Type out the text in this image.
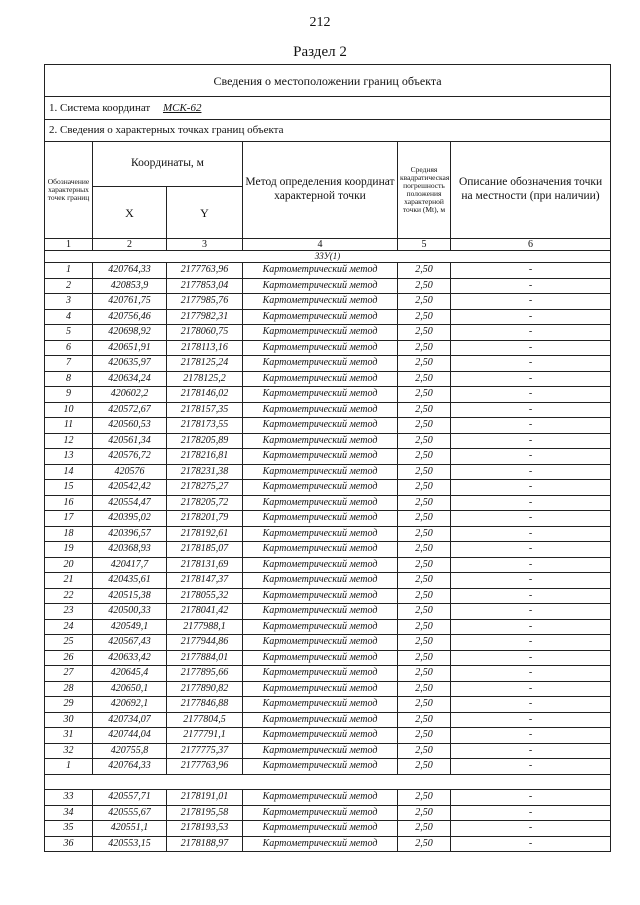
212
Раздел 2
Сведения о местоположении границ объекта					
1. Система координат МСК-62					
2. Сведения о характерных точках границ объекта					
Обозначение характерных точек границ	Координаты, м		Метод определения координат характерной точки	Средняя квадратическая погрешность положения характерной точки (Мt), м	Описание обозначения точки на местности (при наличии)
	X	Y			
1	2	3	4	5	6
З3У(1)					
1	420764,33	2177763,96	Картометрический метод	2,50	-
2	420853,9	2177853,04	Картометрический метод	2,50	-
3	420761,75	2177985,76	Картометрический метод	2,50	-
4	420756,46	2177982,31	Картометрический метод	2,50	-
5	420698,92	2178060,75	Картометрический метод	2,50	-
6	420651,91	2178113,16	Картометрический метод	2,50	-
7	420635,97	2178125,24	Картометрический метод	2,50	-
8	420634,24	2178125,2	Картометрический метод	2,50	-
9	420602,2	2178146,02	Картометрический метод	2,50	-
10	420572,67	2178157,35	Картометрический метод	2,50	-
11	420560,53	2178173,55	Картометрический метод	2,50	-
12	420561,34	2178205,89	Картометрический метод	2,50	-
13	420576,72	2178216,81	Картометрический метод	2,50	-
14	420576	2178231,38	Картометрический метод	2,50	-
15	420542,42	2178275,27	Картометрический метод	2,50	-
16	420554,47	2178205,72	Картометрический метод	2,50	-
17	420395,02	2178201,79	Картометрический метод	2,50	-
18	420396,57	2178192,61	Картометрический метод	2,50	-
19	420368,93	2178185,07	Картометрический метод	2,50	-
20	420417,7	2178131,69	Картометрический метод	2,50	-
21	420435,61	2178147,37	Картометрический метод	2,50	-
22	420515,38	2178055,32	Картометрический метод	2,50	-
23	420500,33	2178041,42	Картометрический метод	2,50	-
24	420549,1	2177988,1	Картометрический метод	2,50	-
25	420567,43	2177944,86	Картометрический метод	2,50	-
26	420633,42	2177884,01	Картометрический метод	2,50	-
27	420645,4	2177895,66	Картометрический метод	2,50	-
28	420650,1	2177890,82	Картометрический метод	2,50	-
29	420692,1	2177846,88	Картометрический метод	2,50	-
30	420734,07	2177804,5	Картометрический метод	2,50	-
31	420744,04	2177791,1	Картометрический метод	2,50	-
32	420755,8	2177775,37	Картометрический метод	2,50	-
1	420764,33	2177763,96	Картометрический метод	2,50	-

33	420557,71	2178191,01	Картометрический метод	2,50	-
34	420555,67	2178195,58	Картометрический метод	2,50	-
35	420551,1	2178193,53	Картометрический метод	2,50	-
36	420553,15	2178188,97	Картометрический метод	2,50	-
